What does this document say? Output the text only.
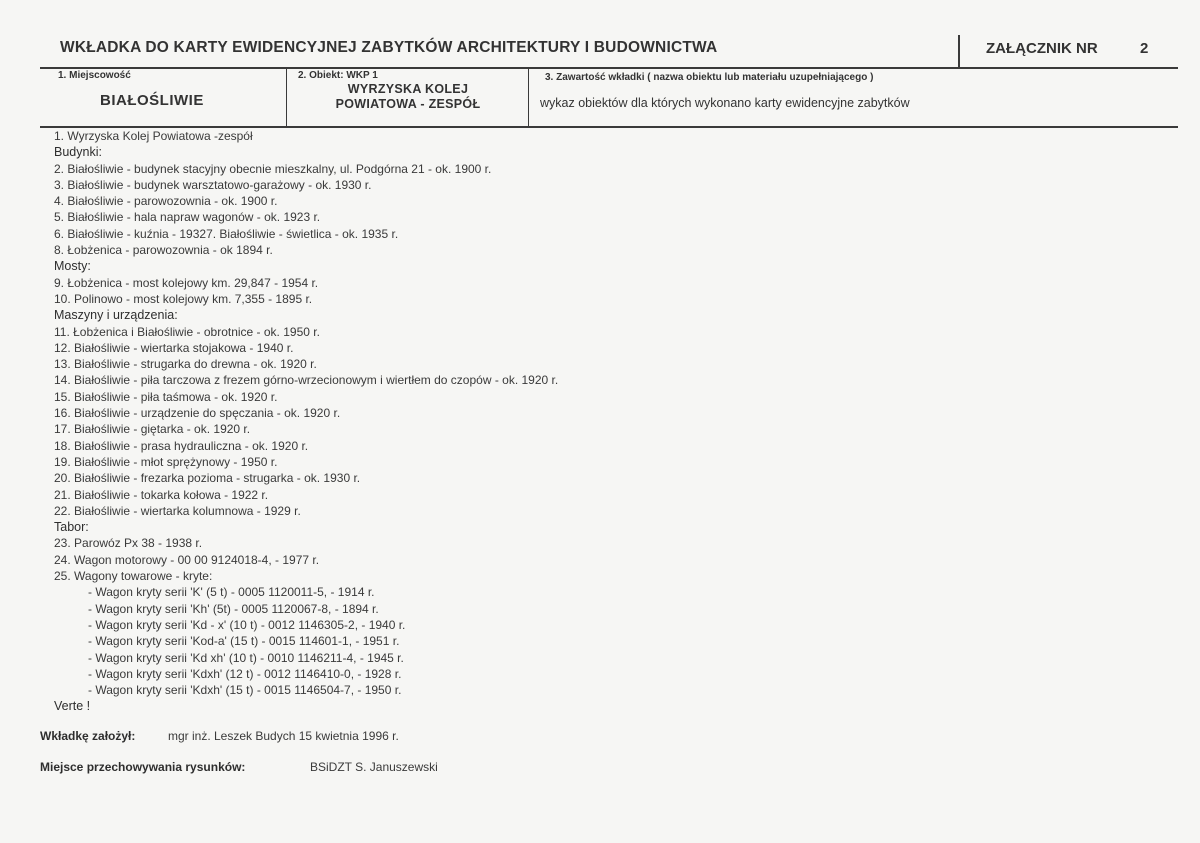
WKŁADKA DO KARTY EWIDENCYJNEJ ZABYTKÓW ARCHITEKTURY I BUDOWNICTWA	ZAŁĄCZNIK NR	2
1. Miejscowość
BIAŁOŚLIWIE
2. Obiekt: WKP 1
WYRZYSKA KOLEJ
POWIATOWA - ZESPÓŁ
3. Zawartość wkładki ( nazwa obiektu lub materiału uzupełniającego )
wykaz obiektów dla których wykonano karty ewidencyjne zabytków
1. Wyrzyska Kolej Powiatowa -zespół
Budynki:
2. Białośliwie - budynek stacyjny obecnie mieszkalny, ul. Podgórna 21 - ok. 1900 r.
3. Białośliwie - budynek warsztatowo-garażowy - ok. 1930 r.
4. Białośliwie - parowozownia - ok. 1900 r.
5. Białośliwie - hala napraw wagonów - ok. 1923 r.
6. Białośliwie - kuźnia - 19327. Białośliwie - świetlica - ok. 1935 r.
8. Łobżenica - parowozownia - ok 1894 r.
Mosty:
9. Łobżenica - most kolejowy km. 29,847 - 1954 r.
10. Polinowo - most kolejowy km. 7,355 - 1895 r.
Maszyny i urządzenia:
11. Łobżenica i Białośliwie - obrotnice - ok. 1950 r.
12. Białośliwie - wiertarka stojakowa - 1940 r.
13. Białośliwie - strugarka do drewna - ok. 1920 r.
14. Białośliwie - piła tarczowa z frezem górno-wrzecionowym i wiertłem do czopów - ok. 1920 r.
15. Białośliwie - piła taśmowa - ok. 1920 r.
16. Białośliwie - urządzenie do spęczania - ok. 1920 r.
17. Białośliwie - giętarka - ok. 1920 r.
18. Białośliwie - prasa hydrauliczna - ok. 1920 r.
19. Białośliwie - młot sprężynowy - 1950 r.
20. Białośliwie - frezarka pozioma - strugarka - ok. 1930 r.
21. Białośliwie - tokarka kołowa - 1922 r.
22. Białośliwie - wiertarka kolumnowa - 1929 r.
Tabor:
23. Parowóz Px 38 - 1938 r.
24. Wagon motorowy - 00 00 9124018-4, - 1977 r.
25. Wagony towarowe - kryte:
- Wagon kryty serii 'K' (5 t) - 0005 1120011-5, - 1914 r.
- Wagon kryty serii 'Kh' (5t) - 0005 1120067-8, - 1894 r.
- Wagon kryty serii 'Kd - x' (10 t) - 0012 1146305-2, - 1940 r.
- Wagon kryty serii 'Kod-a' (15 t) - 0015 114601-1, - 1951 r.
- Wagon kryty serii 'Kd xh' (10 t) - 0010 1146211-4, - 1945 r.
- Wagon kryty serii 'Kdxh' (12 t) - 0012 1146410-0, - 1928 r.
- Wagon kryty serii 'Kdxh' (15 t) - 0015 1146504-7, - 1950 r.
Verte !
Wkładkę założył:	mgr inż. Leszek Budych 15 kwietnia 1996 r.
Miejsce przechowywania rysunków:	BSiDZT S. Januszewski
